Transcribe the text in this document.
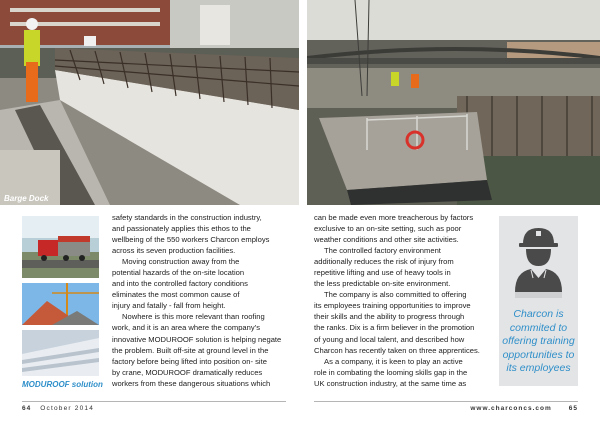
Barge Dock
MODUROOF solution

safety standards in the construction industry,

and passionately applies this ethos to the

wellbeing of the 550 workers Charcon employs

across its seven production facilities.

Moving construction away from the

potential hazards of the on-site location

and into the controlled factory conditions

eliminates the most common cause of

injury and fatally - fall from height.

Nowhere is this more relevant than roofing

work, and it is an area where the company’s

innovative MODUROOF solution is helping negate

the problem. Built off-site at ground level in the

factory before being lifted into position on- site

by crane, MODUROOF dramatically reduces

workers from these dangerous situations which

can be made even more treacherous by factors

exclusive to an on-site setting, such as poor

weather conditions and other site activities.

The controlled factory environment

additionally reduces the risk of injury from

repetitive lifting and use of heavy tools in

the less predictable on-site environment.

The company is also committed to offering

its employees training opportunities to improve

their skills and the ability to progress through

the ranks. Dix is a firm believer in the promotion

of young and local talent, and described how

Charcon has recently taken on three apprentices.

As a company, it is keen to play an active

role in combating the looming skills gap in the

UK construction industry, at the same time as

Charcon is
commited to
offering training
opportunities to
its employees
64 October 2014	www.charconcs.com	65
